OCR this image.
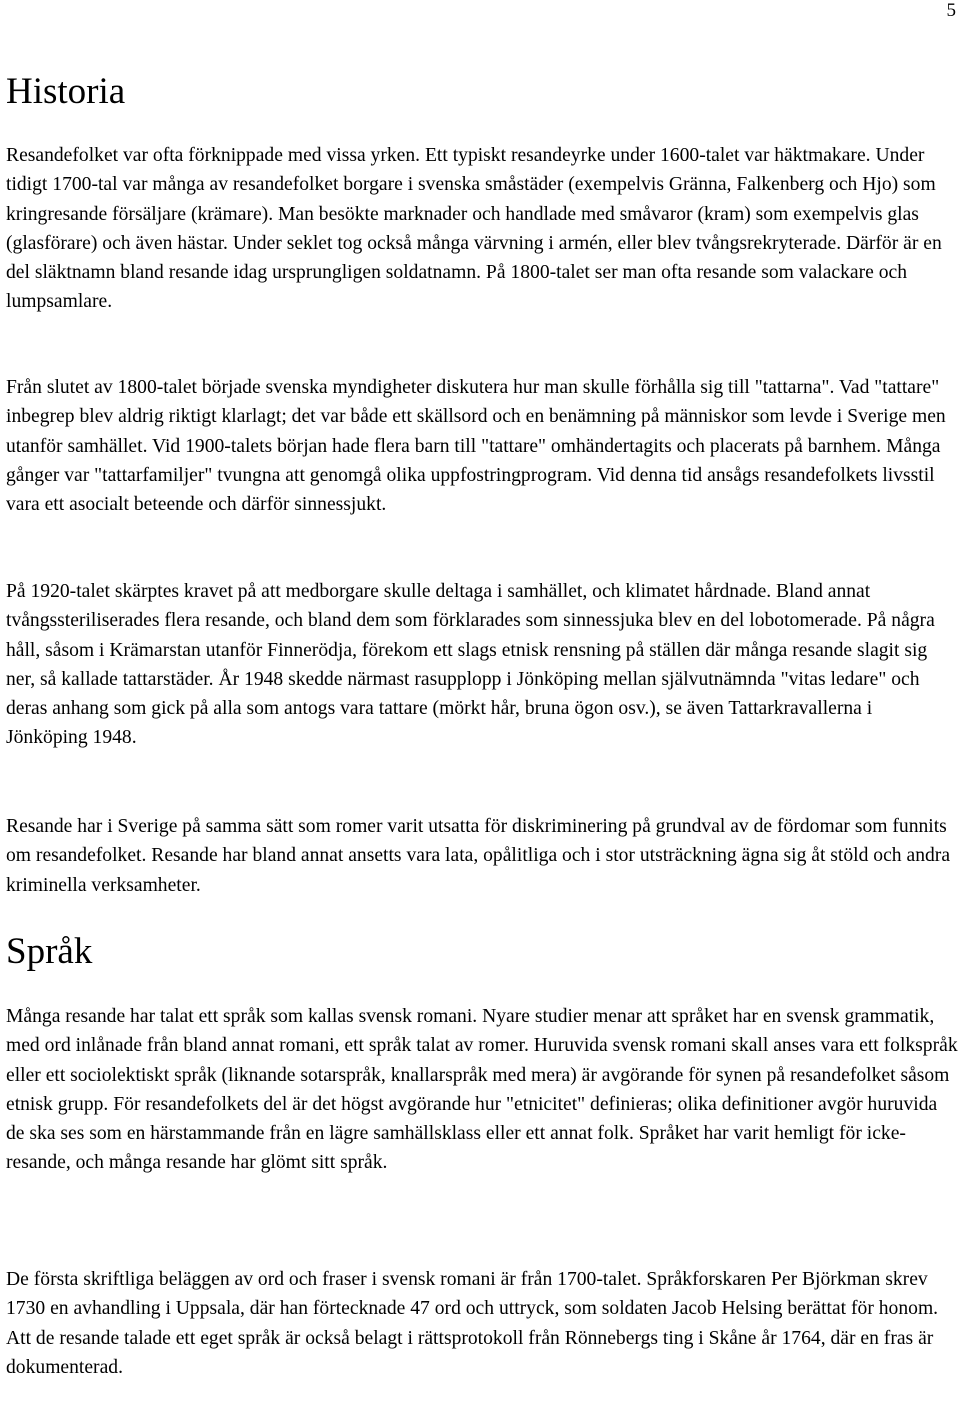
5
Historia

Resandefolket var ofta förknippade med vissa yrken. Ett typiskt resandeyrke under 1600-talet var häktmakare. Under tidigt 1700-tal var många av resandefolket borgare i svenska småstäder (exempelvis Gränna, Falkenberg och Hjo) som kringresande försäljare (krämare). Man besökte marknader och handlade med småvaror (kram) som exempelvis glas (glasförare) och även hästar. Under seklet tog också många värvning i armén, eller blev tvångsrekryterade. Därför är en del släktnamn bland resande idag ursprungligen soldatnamn. På 1800-talet ser man ofta resande som valackare och lumpsamlare.

Från slutet av 1800-talet började svenska myndigheter diskutera hur man skulle förhålla sig till "tattarna". Vad "tattare" inbegrep blev aldrig riktigt klarlagt; det var både ett skällsord och en benämning på människor som levde i Sverige men utanför samhället. Vid 1900-talets början hade flera barn till "tattare" omhändertagits och placerats på barnhem. Många gånger var "tattarfamiljer" tvungna att genomgå olika uppfostringprogram. Vid denna tid ansågs resandefolkets livsstil vara ett asocialt beteende och därför sinnessjukt.

På 1920-talet skärptes kravet på att medborgare skulle deltaga i samhället, och klimatet hårdnade. Bland annat tvångssteriliserades flera resande, och bland dem som förklarades som sinnessjuka blev en del lobotomerade. På några håll, såsom i Krämarstan utanför Finnerödja, förekom ett slags etnisk rensning på ställen där många resande slagit sig ner, så kallade tattarstäder. År 1948 skedde närmast rasupplopp i Jönköping mellan självutnämnda "vitas ledare" och deras anhang som gick på alla som antogs vara tattare (mörkt hår, bruna ögon osv.), se även Tattarkravallerna i Jönköping 1948.

Resande har i Sverige på samma sätt som romer varit utsatta för diskriminering på grundval av de fördomar som funnits om resandefolket. Resande har bland annat ansetts vara lata, opålitliga och i stor utsträckning ägna sig åt stöld och andra kriminella verksamheter.

Språk

Många resande har talat ett språk som kallas svensk romani. Nyare studier menar att språket har en svensk grammatik, med ord inlånade från bland annat romani, ett språk talat av romer. Huruvida svensk romani skall anses vara ett folkspråk eller ett sociolektiskt språk (liknande sotarspråk, knallarspråk med mera) är avgörande för synen på resandefolket såsom etnisk grupp. För resandefolkets del är det högst avgörande hur "etnicitet" definieras; olika definitioner avgör huruvida de ska ses som en härstammande från en lägre samhällsklass eller ett annat folk. Språket har varit hemligt för icke-resande, och många resande har glömt sitt språk.

De första skriftliga beläggen av ord och fraser i svensk romani är från 1700-talet. Språkforskaren Per Björkman skrev 1730 en avhandling i Uppsala, där han förtecknade 47 ord och uttryck, som soldaten Jacob Helsing berättat för honom. Att de resande talade ett eget språk är också belagt i rättsprotokoll från Rönnebergs ting i Skåne år 1764, där en fras är dokumenterad.
